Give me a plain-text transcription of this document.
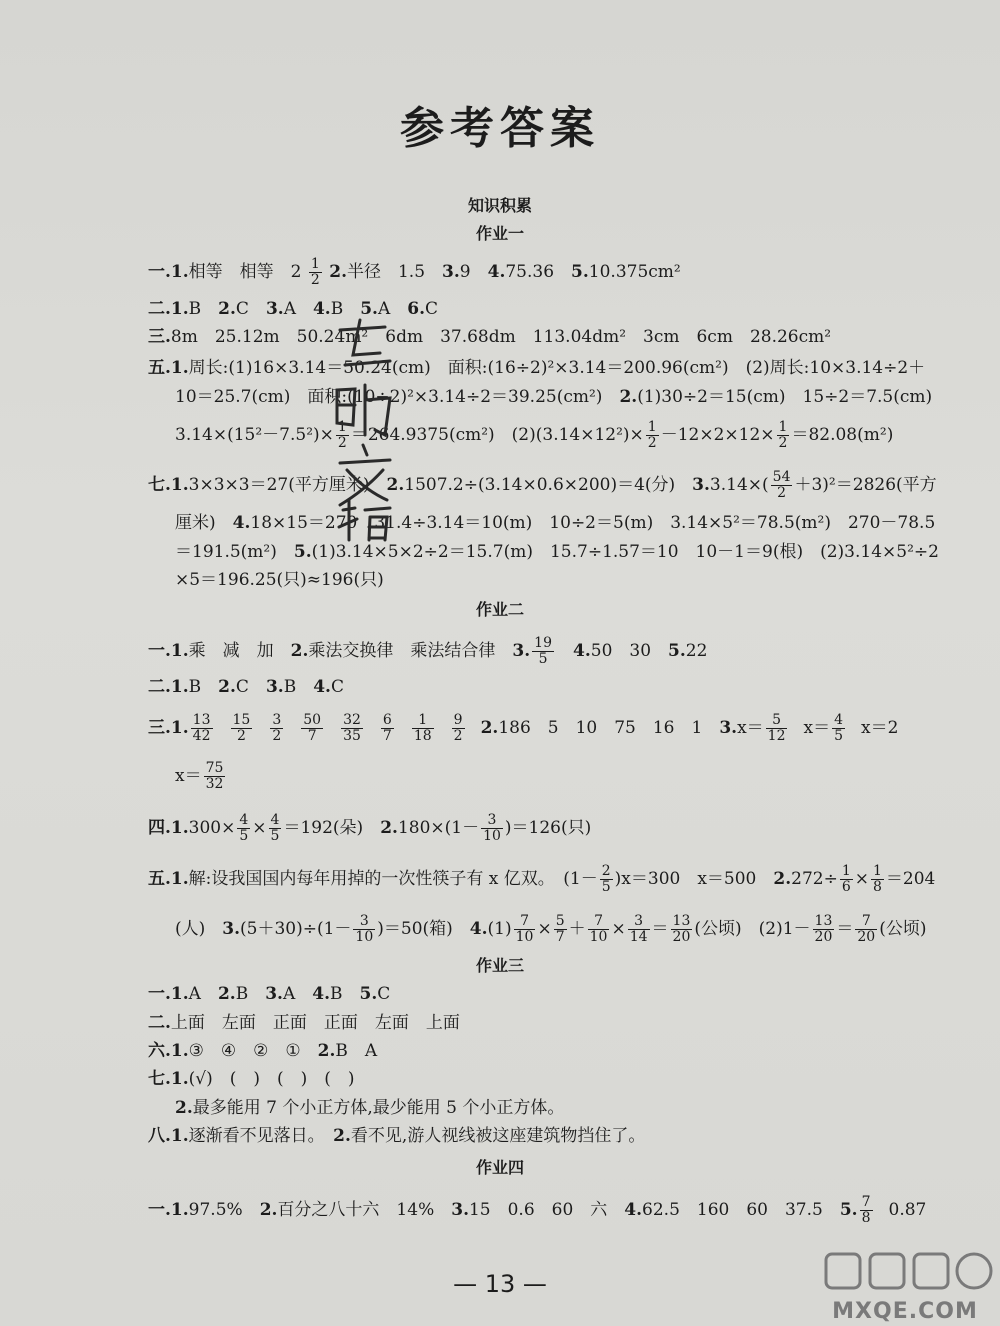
参考答案
知识积累
作业一
一.1.相等　相等　$2 \frac{1}{2} 2$.半径　1.5　3.9　4.75.36　5.10.375cm²
二.1.B　2.C　3.A　4.B　5.A　6.C
三.8m　25.12m　50.24m²　6dm　37.68dm　113.04dm²　3cm　6cm　28.26cm²
五.1.周长:(1)16×3.14＝50.24(cm)　面积:(16÷2)²×3.14＝200.96(cm²)　(2)周长:10×3.14÷2＋
10＝25.7(cm)　面积:(10÷2)²×3.14÷2＝39.25(cm²)　2.(1)30÷2＝15(cm)　15÷2＝7.5(cm)
$3.14\times(15^2-7.5^2)\times \frac{1}{2} =264.9375(cm^2)$　$(2)(3.14\times 12^2)\times \frac{1}{2} -12\times 2\times 12\times \frac{1}{2} =82.08(m^2)$
七.1.3×3×3＝27(平方厘米)　2.1507.2÷(3.14×0.6×200)＝4(分)　$3.3.14\times( \frac{54}{2} +3)^2=2826$(平方
厘米)　4.18×15＝270　31.4÷3.14＝10(m)　10÷2＝5(m)　3.14×5²＝78.5(m²)　270－78.5
＝191.5(m²)　5.(1)3.14×5×2÷2＝15.7(m)　15.7÷1.57＝10　10－1＝9(根)　(2)3.14×5²÷2
×5＝196.25(只)≈196(只)
作业二
一.1.乘　减　加　2.乘法交换律　乘法结合律　3. $\frac{19}{5}$
　 4.50　30　5.22
二.1.B　2.C　3.B　4.C
三.1. $\frac{13}{42} \frac{15}{2} \frac{3}{2} \frac{50}{7} \frac{32}{35} \frac{6}{7} \frac{1}{18} \frac{9}{2} 2.186$　5　10　75　16　1　$3.x= \frac{5}{12} x= \frac{4}{5} x=2$
$x= \frac{75}{32}$
四$.1.300\times \frac{4}{5} \times \frac{4}{5} =192$(朵)　$2.180\times(1- \frac{3}{10} )=126$(只)
五.1.解:设我国国内每年用掉的一次性筷子有 x 亿双。　$(1- \frac{2}{5} )x=300$　x＝500　$2.272\div \frac{1}{6} \times \frac{1}{8} =204$
(人)　$3.(5+30)\div(1- \frac{3}{10} )=50$(箱)　$4.(1) \frac{7}{10} \times \frac{5}{7} + \frac{7}{10} \times \frac{3}{14} = \frac{13}{20}$ (公顷)　$(2)1- \frac{13}{20} = \frac{7}{20}$ (公顷)
作业三
一.1.A　2.B　3.A　4.B　5.C
二.上面　左面　正面　正面　左面　上面
六.1.③　④　②　①　2.B　A
七.1.(√)　(　)　(　)　(　)
2.最多能用 7 个小正方体,最少能用 5 个小正方体。
八.1.逐渐看不见落日。　2.看不见,游人视线被这座建筑物挡住了。
作业四
一.1.97.5%　2.百分之八十六　14%　3.15　0.6　60　六　4.62.5　160　60　37.5　5. $\frac{7}{8} 0.87$
— 13 —
MXQE.COM
